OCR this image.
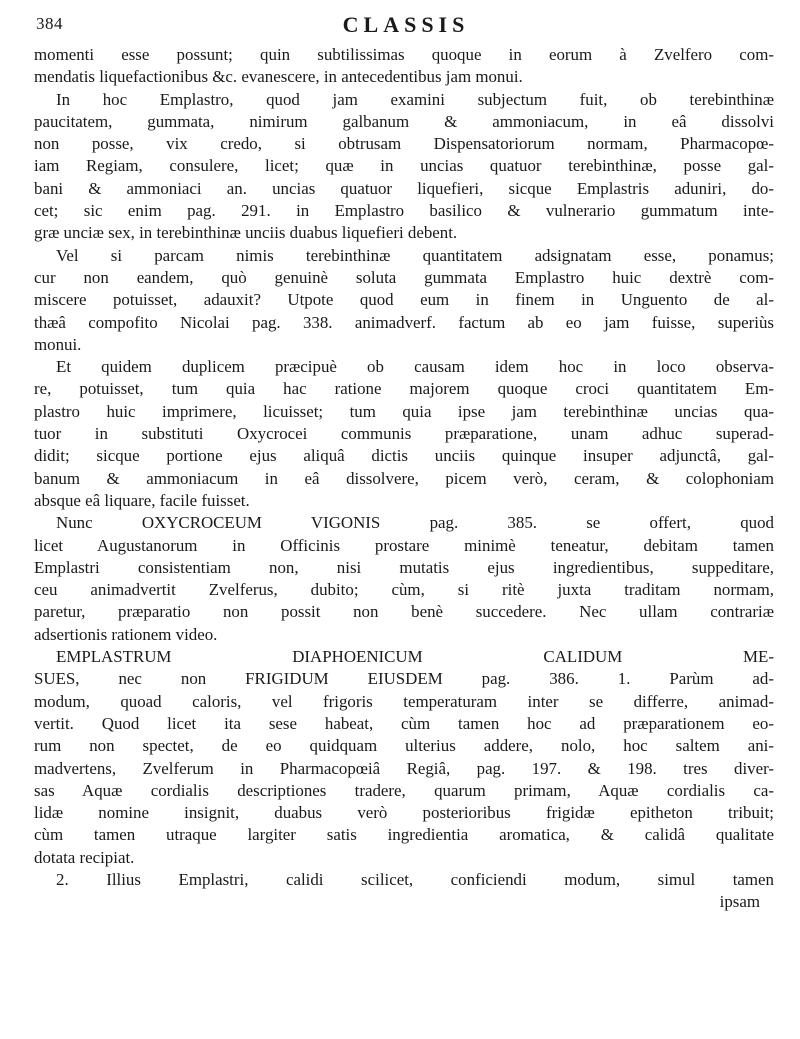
384	CLASSIS
momenti esse possunt; quin subtilissimas quoque in eorum à Zvelfero com-
mendatis liquefactionibus &c. evanescere, in antecedentibus jam monui.
In hoc Emplastro, quod jam examini subjectum fuit, ob terebinthinæ
paucitatem, gummata, nimirum galbanum & ammoniacum, in eâ dissolvi
non posse, vix credo, si obtrusam Dispensatoriorum normam, Pharmacopœ-
iam Regiam, consulere, licet; quæ in uncias quatuor terebinthinæ, posse gal-
bani & ammoniaci an. uncias quatuor liquefieri, sicque Emplastris aduniri, do-
cet; sic enim pag. 291. in Emplastro basilico & vulnerario gummatum inte-
græ unciæ sex, in terebinthinæ unciis duabus liquefieri debent.
Vel si parcam nimis terebinthinæ quantitatem adsignatam esse, ponamus;
cur non eandem, quò genuinè soluta gummata Emplastro huic dextrè com-
miscere potuisset, adauxit? Utpote quod eum in finem in Unguento de al-
thæâ compofito Nicolai pag. 338. animadverf. factum ab eo jam fuisse, superiùs
monui.
Et quidem duplicem præcipuè ob causam idem hoc in loco observa-
re, potuisset, tum quia hac ratione majorem quoque croci quantitatem Em-
plastro huic imprimere, licuisset; tum quia ipse jam terebinthinæ uncias qua-
tuor in substituti Oxycrocei communis præparatione, unam adhuc superad-
didit; sicque portione ejus aliquâ dictis unciis quinque insuper adjunctâ, gal-
banum & ammoniacum in eâ dissolvere, picem verò, ceram, & colophoniam
absque eâ liquare, facile fuisset.
Nunc OXYCROCEUM VIGONIS pag. 385. se offert, quod
licet Augustanorum in Officinis prostare minimè teneatur, debitam tamen
Emplastri consistentiam non, nisi mutatis ejus ingredientibus, suppeditare,
ceu animadvertit Zvelferus, dubito; cùm, si ritè juxta traditam normam,
paretur, præparatio non possit non benè succedere. Nec ullam contrariæ
adsertionis rationem video.
EMPLASTRUM DIAPHOENICUM CALIDUM ME-
SUES, nec non FRIGIDUM EIUSDEM pag. 386. 1. Parùm ad-
modum, quoad caloris, vel frigoris temperaturam inter se differre, animad-
vertit. Quod licet ita sese habeat, cùm tamen hoc ad præparationem eo-
rum non spectet, de eo quidquam ulterius addere, nolo, hoc saltem ani-
madvertens, Zvelferum in Pharmacopœiâ Regiâ, pag. 197. & 198. tres diver-
sas Aquæ cordialis descriptiones tradere, quarum primam, Aquæ cordialis ca-
lidæ nomine insignit, duabus verò posterioribus frigidæ epitheton tribuit;
cùm tamen utraque largiter satis ingredientia aromatica, & calidâ qualitate
dotata recipiat.
2. Illius Emplastri, calidi scilicet, conficiendi modum, simul tamen
ipsam
